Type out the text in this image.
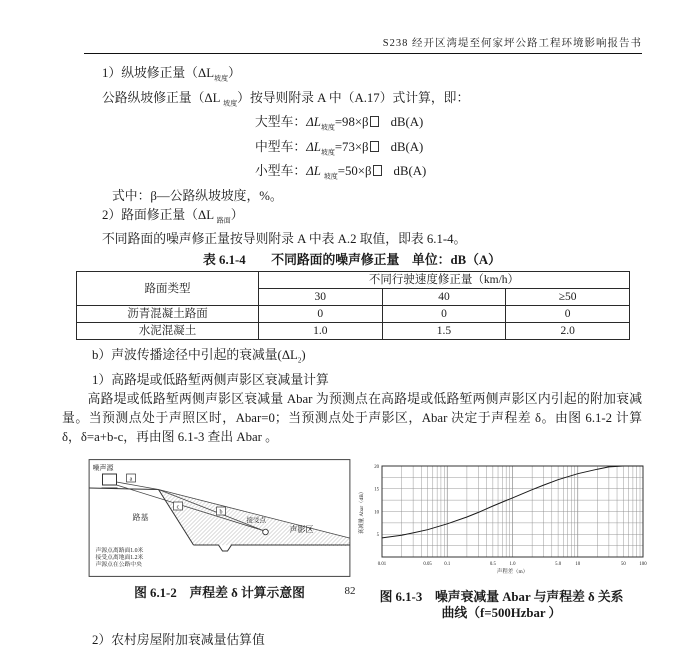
S238 经开区湾堤至何家坪公路工程环境影响报告书
1）纵坡修正量$(\Delta L_{坡度})$
公路纵坡修正量（ΔL $_{坡度}$）按导则附录 A 中（A.17）式计算，即：
大型车：$\Delta L_{坡度}=98\times\beta$ dB(A)
中型车：$\Delta L_{坡度}=73\times\beta$ dB(A)
小型车：ΔL $_{坡度}$=50×β dB(A)
式中：β—公路纵坡坡度，%。
2）路面修正量（ΔL $_{路面}$）
不同路面的噪声修正量按导则附录 A 中表 A.2 取值，即表 6.1-4。
表 6.1-4　　不同路面的噪声修正量　单位：dB（A）
路面类型	不同行驶速度修正量（km/h）		
	30	40	≥50
沥青混凝土路面	0	0	0
水泥混凝土	1.0	1.5	2.0
b）声波传播途径中引起的衰减量$(\Delta L_2)$
1）高路堤或低路堑两侧声影区衰减量计算
高路堤或低路堑两侧声影区衰减量 Abar 为预测点在高路堤或低路堑两侧声影区内引起的附加衰减量。当预测点处于声照区时，Abar=0；当预测点处于声影区，Abar 决定于声程差 δ。由图 6.1-2 计算 δ，δ=a+b-c，再由图 6.1-3 查出 Abar 。
噪声源
a
c
b
接受点
路基
声影区
声源点离路面1.0米
接受点离地面1.2米
声源点在公路中央
图 6.1-2　声程差 δ 计算示意图
0.01	0.05	0.1	0.5	1.0	5.0	10	50	100
5
10
15
20
声程差（m）
衰减量 Abar（dB）
图 6.1-3　噪声衰减量 Abar 与声程差 δ 关系
曲线（f=500Hzbar ）
2）农村房屋附加衰减量估算值
82
